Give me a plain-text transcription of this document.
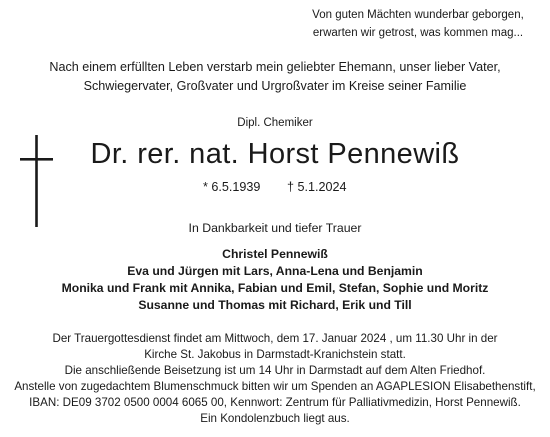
Von guten Mächten wunderbar geborgen,
erwarten wir getrost, was kommen mag...
Nach einem erfüllten Leben verstarb mein geliebter Ehemann, unser lieber Vater,
Schwiegervater, Großvater und Urgroßvater im Kreise seiner Familie
Dipl. Chemiker
Dr. rer. nat. Horst Pennewiß
* 6.5.1939 † 5.1.2024
In Dankbarkeit und tiefer Trauer
Christel Pennewiß
Eva und Jürgen mit Lars, Anna-Lena und Benjamin
Monika und Frank mit Annika, Fabian und Emil, Stefan, Sophie und Moritz
Susanne und Thomas mit Richard, Erik und Till
Der Trauergottesdienst findet am Mittwoch, dem 17. Januar 2024 , um 11.30 Uhr in der
Kirche St. Jakobus in Darmstadt-Kranichstein statt.
Die anschließende Beisetzung ist um 14 Uhr in Darmstadt auf dem Alten Friedhof.
Anstelle von zugedachtem Blumenschmuck bitten wir um Spenden an AGAPLESION Elisabethenstift,
IBAN: DE09 3702 0500 0004 6065 00, Kennwort: Zentrum für Palliativmedizin, Horst Pennewiß.
Ein Kondolenzbuch liegt aus.
